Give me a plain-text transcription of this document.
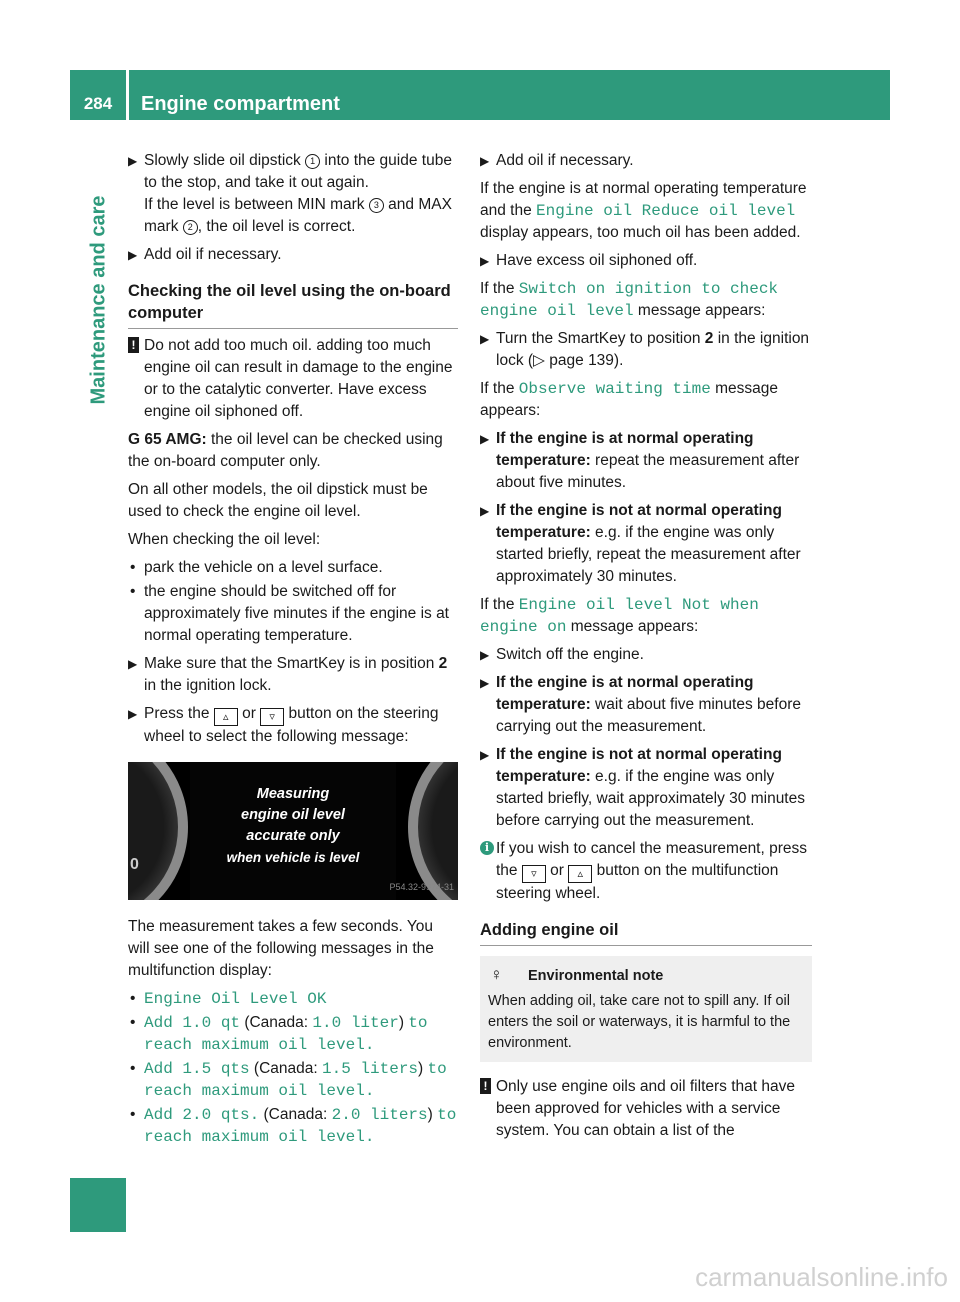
284	Engine compartment
Maintenance and care
▶ Slowly slide oil dipstick 1 into the guide tube to the stop, and take it out again.
If the level is between MIN mark 3 and MAX mark 2 , the oil level is correct.
▶ Add oil if necessary.
Checking the oil level using the on-board computer
! Do not add too much oil. adding too much engine oil can result in damage to the engine or to the catalytic converter. Have excess engine oil siphoned off.

G 65 AMG: the oil level can be checked using the on-board computer only.

On all other models, the oil dipstick must be used to check the engine oil level.

When checking the oil level:

• park the vehicle on a level surface.
• the engine should be switched off for approximately five minutes if the engine is at normal operating temperature.
▶ Make sure that the SmartKey is in position 2 in the ignition lock.
▶ Press the ▵ or ▿ button on the steering wheel to select the following message:
0
Measuring
engine oil level
accurate only
when vehicle is level
P54.32-9974-31

The measurement takes a few seconds. You will see one of the following messages in the multifunction display:

• Engine Oil Level OK
• Add 1.0 qt (Canada: 1.0 liter) to reach maximum oil level.
• Add 1.5 qts (Canada: 1.5 liters) to reach maximum oil level.
• Add 2.0 qts. (Canada: 2.0 liters) to reach maximum oil level.
▶ Add oil if necessary.

If the engine is at normal operating temperature and the Engine oil Reduce oil level display appears, too much oil has been added.

▶ Have excess oil siphoned off.

If the Switch on ignition to check engine oil level message appears:

▶ Turn the SmartKey to position 2 in the ignition lock (▷ page 139).

If the Observe waiting time message appears:

▶ If the engine is at normal operating temperature: repeat the measurement after about five minutes.
▶ If the engine is not at normal operating temperature: e.g. if the engine was only started briefly, repeat the measurement after approximately 30 minutes.

If the Engine oil level Not when engine on message appears:

▶ Switch off the engine.
▶ If the engine is at normal operating temperature: wait about five minutes before carrying out the measurement.
▶ If the engine is not at normal operating temperature: e.g. if the engine was only started briefly, wait approximately 30 minutes before carrying out the measurement.
i If you wish to cancel the measurement, press the ▿ or ▵ button on the multifunction steering wheel.
Adding engine oil
♀ Environmental note
When adding oil, take care not to spill any. If oil enters the soil or waterways, it is harmful to the environment.
! Only use engine oils and oil filters that have been approved for vehicles with a service system. You can obtain a list of the
carmanualsonline.info
